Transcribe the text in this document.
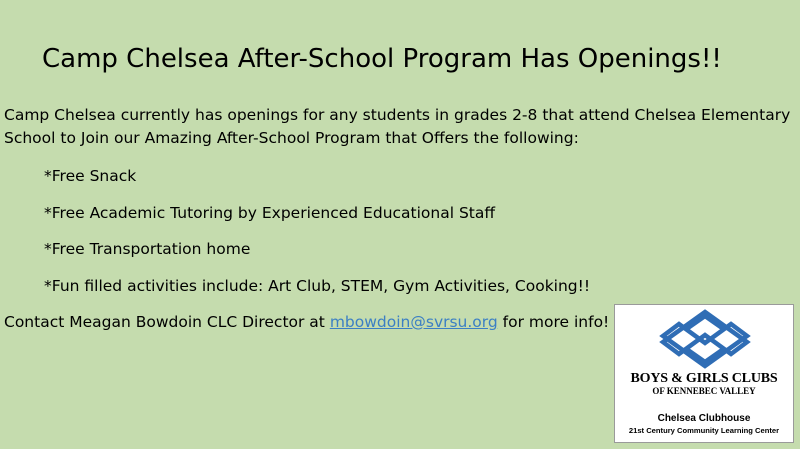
Camp Chelsea After-School Program Has Openings!!

Camp Chelsea currently has openings for any students in grades 2-8 that attend Chelsea Elementary School to Join our Amazing After-School Program that Offers the following:

*Free Snack
*Free Academic Tutoring by Experienced Educational Staff
*Free Transportation home
*Fun filled activities include: Art Club, STEM, Gym Activities, Cooking!!

Contact Meagan Bowdoin CLC Director at mbowdoin@svrsu.org for more info!

BOYS & GIRLS CLUBS
OF KENNEBEC VALLEY
Chelsea Clubhouse
21st Century Community Learning Center
